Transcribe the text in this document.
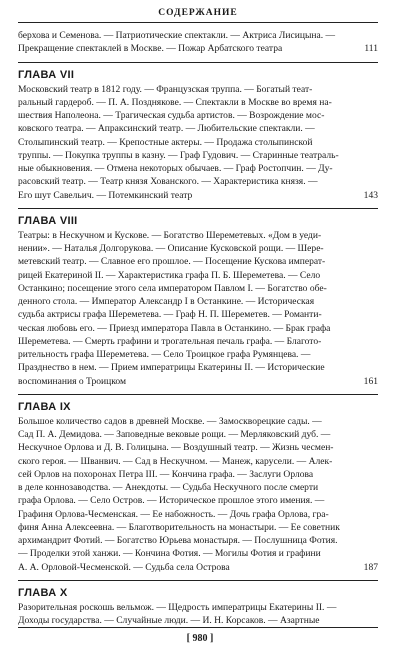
СОДЕРЖАНИЕ
берхова и Семенова. — Патриотические спектакли. — Актриса Лисицына. —
Прекращение спектаклей в Москве. — Пожар Арбатского театра	111
ГЛАВА VII
Московский театр в 1812 году. — Французская труппа. — Богатый теат-
ральный гардероб. — П. А. Позднякове. — Спектакли в Москве во время на-
шествия Наполеона. — Трагическая судьба артистов. — Возрождение мос-
ковского театра. — Апраксинский театр. — Любительские спектакли. —
Столыпинский театр. — Крепостные актеры. — Продажа столыпинской
труппы. — Покупка труппы в казну. — Граф Гудович. — Старинные театраль-
ные обыкновения. — Отмена некоторых обычаев. — Граф Ростопчин. — Ду-
расовский театр. — Театр князя Хованского. — Характеристика князя. —
Его шут Савельич. — Потемкинский театр	143
ГЛАВА VIII
Театры: в Нескучном и Кускове. — Богатство Шереметевых. «Дом в уеди-
нении». — Наталья Долгорукова. — Описание Кусковской рощи. — Шере-
метевский театр. — Славное его прошлое. — Посещение Кускова императ-
рицей Екатериной II. — Характеристика графа П. Б. Шереметева. — Село
Останкино; посещение этого села императором Павлом I. — Богатство обе-
денного стола. — Император Александр I в Останкине. — Историческая
судьба актрисы графа Шереметева. — Граф Н. П. Шереметев. — Романти-
ческая любовь его. — Приезд императора Павла в Останкино. — Брак графа
Шереметева. — Смерть графини и трогательная печаль графа. — Благото-
рительность графа Шереметева. — Село Троицкое графа Румянцева. —
Празднество в нем. — Прием императрицы Екатерины II. — Исторические
воспоминания о Троицком	161
ГЛАВА IX
Большое количество садов в древней Москве. — Замоскворецкие сады. —
Сад П. А. Демидова. — Заповедные вековые рощи. — Мерляковский дуб. —
Нескучное Орлова и Д. В. Голицына. — Воздушный театр. — Жизнь чесмен-
ского героя. — Шванвич. — Сад в Нескучном. — Манеж, карусели. — Алек-
сей Орлов на похоронах Петра III. — Кончина графа. — Заслуги Орлова
в деле коннозаводства. — Анекдоты. — Судьба Нескучного после смерти
графа Орлова. — Село Остров. — Историческое прошлое этого имения. —
Графиня Орлова-Чесменская. — Ее набожность. — Дочь графа Орлова, гра-
финя Анна Алексеевна. — Благотворительность на монастыри. — Ее советник
архимандрит Фотий. — Богатство Юрьева монастыря. — Послушница Фотия.
— Проделки этой ханжи. — Кончина Фотия. — Могилы Фотия и графини
А. А. Орловой-Чесменской. — Судьба села Острова	187
ГЛАВА X
Разорительная роскошь вельмож. — Щедрость императрицы Екатерины II. —
Доходы государства. — Случайные люди. — И. Н. Корсаков. — Азартные
[ 980 ]
